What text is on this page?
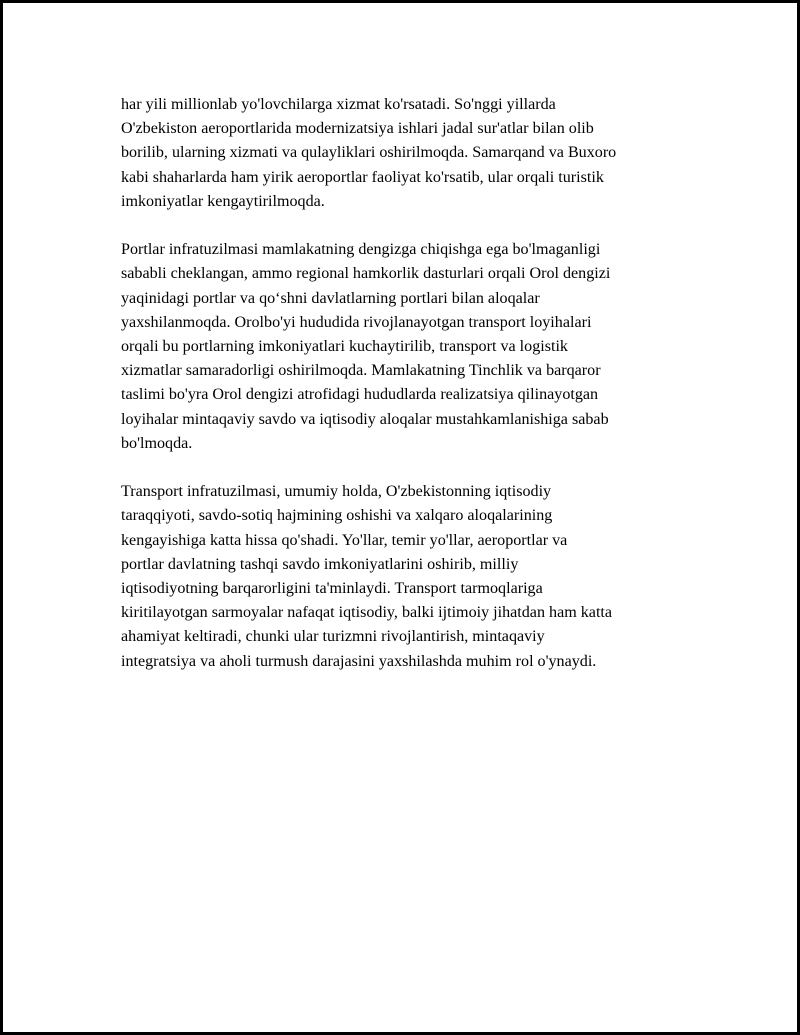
har yili millionlab yo'lovchilarga xizmat ko'rsatadi. So'nggi yillarda
O'zbekiston aeroportlarida modernizatsiya ishlari jadal sur'atlar bilan olib
borilib, ularning xizmati va qulayliklari oshirilmoqda. Samarqand va Buxoro
kabi shaharlarda ham yirik aeroportlar faoliyat ko'rsatib, ular orqali turistik
imkoniyatlar kengaytirilmoqda.

Portlar infratuzilmasi mamlakatning dengizga chiqishga ega bo'lmaganligi
sababli cheklangan, ammo regional hamkorlik dasturlari orqali Orol dengizi
yaqinidagi portlar va qo‘shni davlatlarning portlari bilan aloqalar
yaxshilanmoqda. Orolbo'yi hududida rivojlanayotgan transport loyihalari
orqali bu portlarning imkoniyatlari kuchaytirilib, transport va logistik
xizmatlar samaradorligi oshirilmoqda. Mamlakatning Tinchlik va barqaror
taslimi bo'yra Orol dengizi atrofidagi hududlarda realizatsiya qilinayotgan
loyihalar mintaqaviy savdo va iqtisodiy aloqalar mustahkamlanishiga sabab
bo'lmoqda.

Transport infratuzilmasi, umumiy holda, O'zbekistonning iqtisodiy
taraqqiyoti, savdo-sotiq hajmining oshishi va xalqaro aloqalarining
kengayishiga katta hissa qo'shadi. Yo'llar, temir yo'llar, aeroportlar va
portlar davlatning tashqi savdo imkoniyatlarini oshirib, milliy
iqtisodiyotning barqarorligini ta'minlaydi. Transport tarmoqlariga
kiritilayotgan sarmoyalar nafaqat iqtisodiy, balki ijtimoiy jihatdan ham katta
ahamiyat keltiradi, chunki ular turizmni rivojlantirish, mintaqaviy
integratsiya va aholi turmush darajasini yaxshilashda muhim rol o'ynaydi.
